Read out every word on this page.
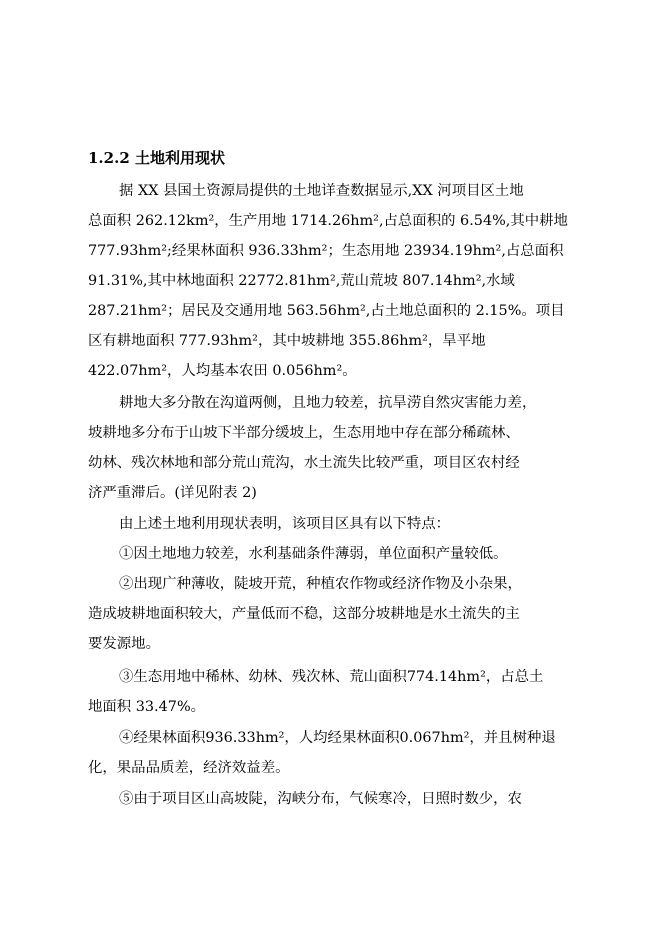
1.2.2 土地利用现状
据 XX 县国土资源局提供的土地详查数据显示,XX 河项目区土地
总面积 262.12km²，生产用地 1714.26hm²,占总面积的 6.54%,其中耕地
777.93hm²;经果林面积 936.33hm²；生态用地 23934.19hm²,占总面积
91.31%,其中林地面积 22772.81hm²,荒山荒坡 807.14hm²,水域
287.21hm²；居民及交通用地 563.56hm²,占土地总面积的 2.15%。项目
区有耕地面积 777.93hm²，其中坡耕地 355.86hm²，旱平地
422.07hm²，人均基本农田 0.056hm²。
耕地大多分散在沟道两侧，且地力较差，抗旱涝自然灾害能力差，
坡耕地多分布于山坡下半部分缓坡上，生态用地中存在部分稀疏林、
幼林、残次林地和部分荒山荒沟，水土流失比较严重，项目区农村经
济严重滞后。(详见附表 2)
由上述土地利用现状表明，该项目区具有以下特点：
①因土地地力较差，水利基础条件薄弱，单位面积产量较低。
②出现广种薄收，陡坡开荒，种植农作物或经济作物及小杂果，
造成坡耕地面积较大，产量低而不稳，这部分坡耕地是水土流失的主
要发源地。
③生态用地中稀林、幼林、残次林、荒山面积774.14hm²，占总土
地面积 33.47%。
④经果林面积936.33hm²，人均经果林面积0.067hm²，并且树种退
化，果品品质差，经济效益差。
⑤由于项目区山高坡陡，沟峡分布，气候寒冷，日照时数少，农
